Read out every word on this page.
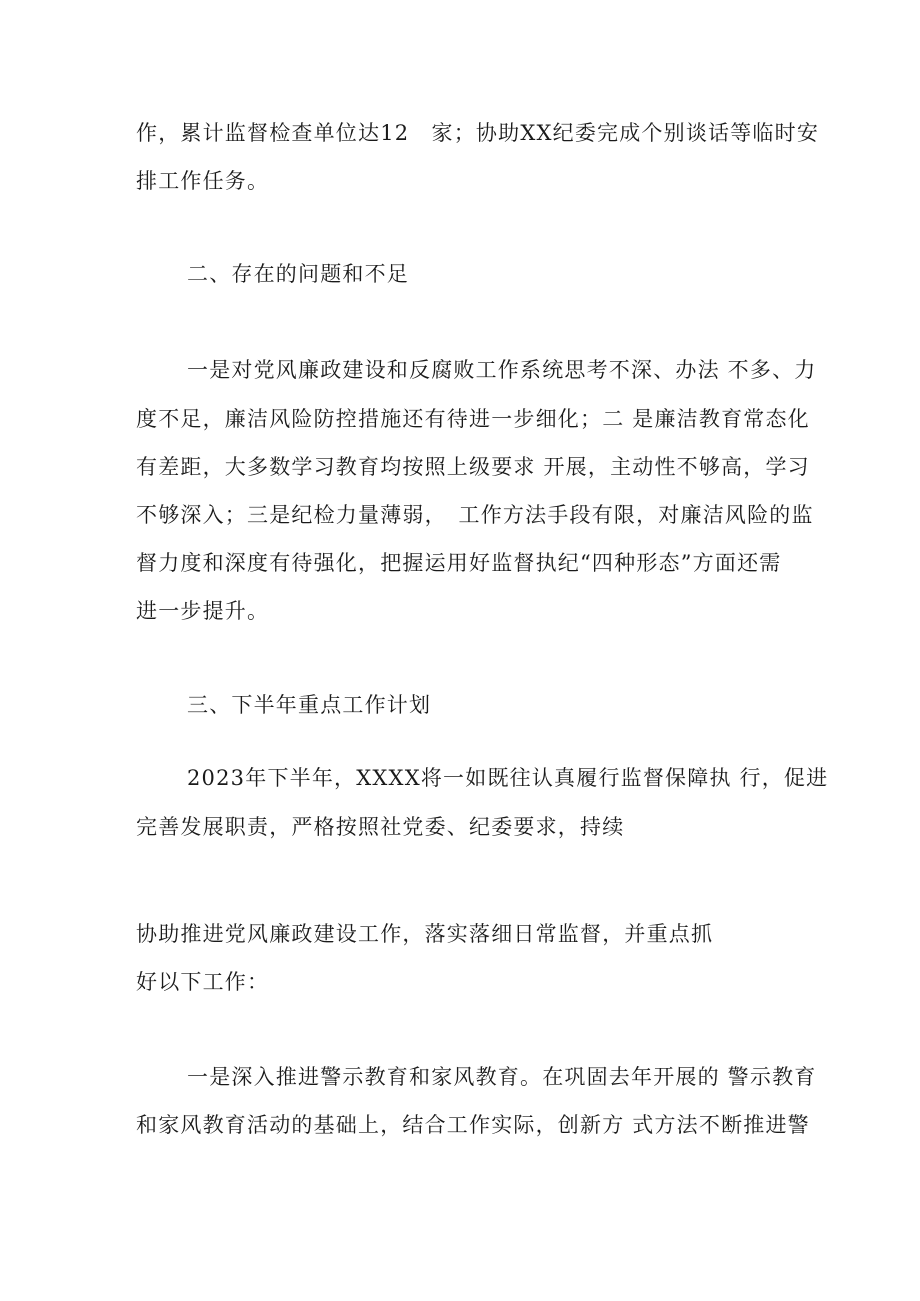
作，累计监督检查单位达12　家；协助XX纪委完成个别谈话等临时安
排工作任务。
二、存在的问题和不足
一是对党风廉政建设和反腐败工作系统思考不深、办法 不多、力
度不足，廉洁风险防控措施还有待进一步细化；二 是廉洁教育常态化
有差距，大多数学习教育均按照上级要求 开展，主动性不够高，学习
不够深入；三是纪检力量薄弱，　工作方法手段有限，对廉洁风险的监
督力度和深度有待强化，把握运用好监督执纪“四种形态”方面还需
进一步提升。
三、下半年重点工作计划
2023年下半年，XXXX将一如既往认真履行监督保障执 行，促进
完善发展职责，严格按照社党委、纪委要求，持续
协助推进党风廉政建设工作，落实落细日常监督，并重点抓
好以下工作：
一是深入推进警示教育和家风教育。在巩固去年开展的 警示教育
和家风教育活动的基础上，结合工作实际，创新方 式方法不断推进警
